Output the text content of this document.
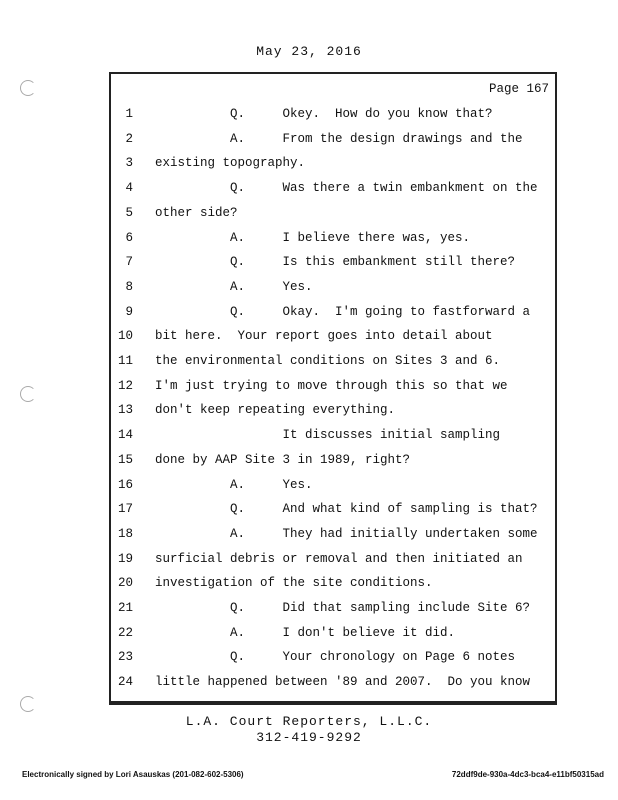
May 23, 2016
Page 167
1 Q.     Okey.  How do you know that?
2 A.     From the design drawings and the
3 existing topography.
4 Q.     Was there a twin embankment on the
5 other side?
6 A.     I believe there was, yes.
7 Q.     Is this embankment still there?
8 A.     Yes.
9 Q.     Okay.  I'm going to fastforward a
10 bit here.  Your report goes into detail about
11 the environmental conditions on Sites 3 and 6.
12 I'm just trying to move through this so that we
13 don't keep repeating everything.
14 It discusses initial sampling
15 done by AAP Site 3 in 1989, right?
16 A.     Yes.
17 Q.     And what kind of sampling is that?
18 A.     They had initially undertaken some
19 surficial debris or removal and then initiated an
20 investigation of the site conditions.
21 Q.     Did that sampling include Site 6?
22 A.     I don't believe it did.
23 Q.     Your chronology on Page 6 notes
24 little happened between '89 and 2007.  Do you know
L.A. Court Reporters, L.L.C.
312-419-9292
Electronically signed by Lori Asauskas (201-082-602-5306)	72ddf9de-930a-4dc3-bca4-e11bf50315ad
